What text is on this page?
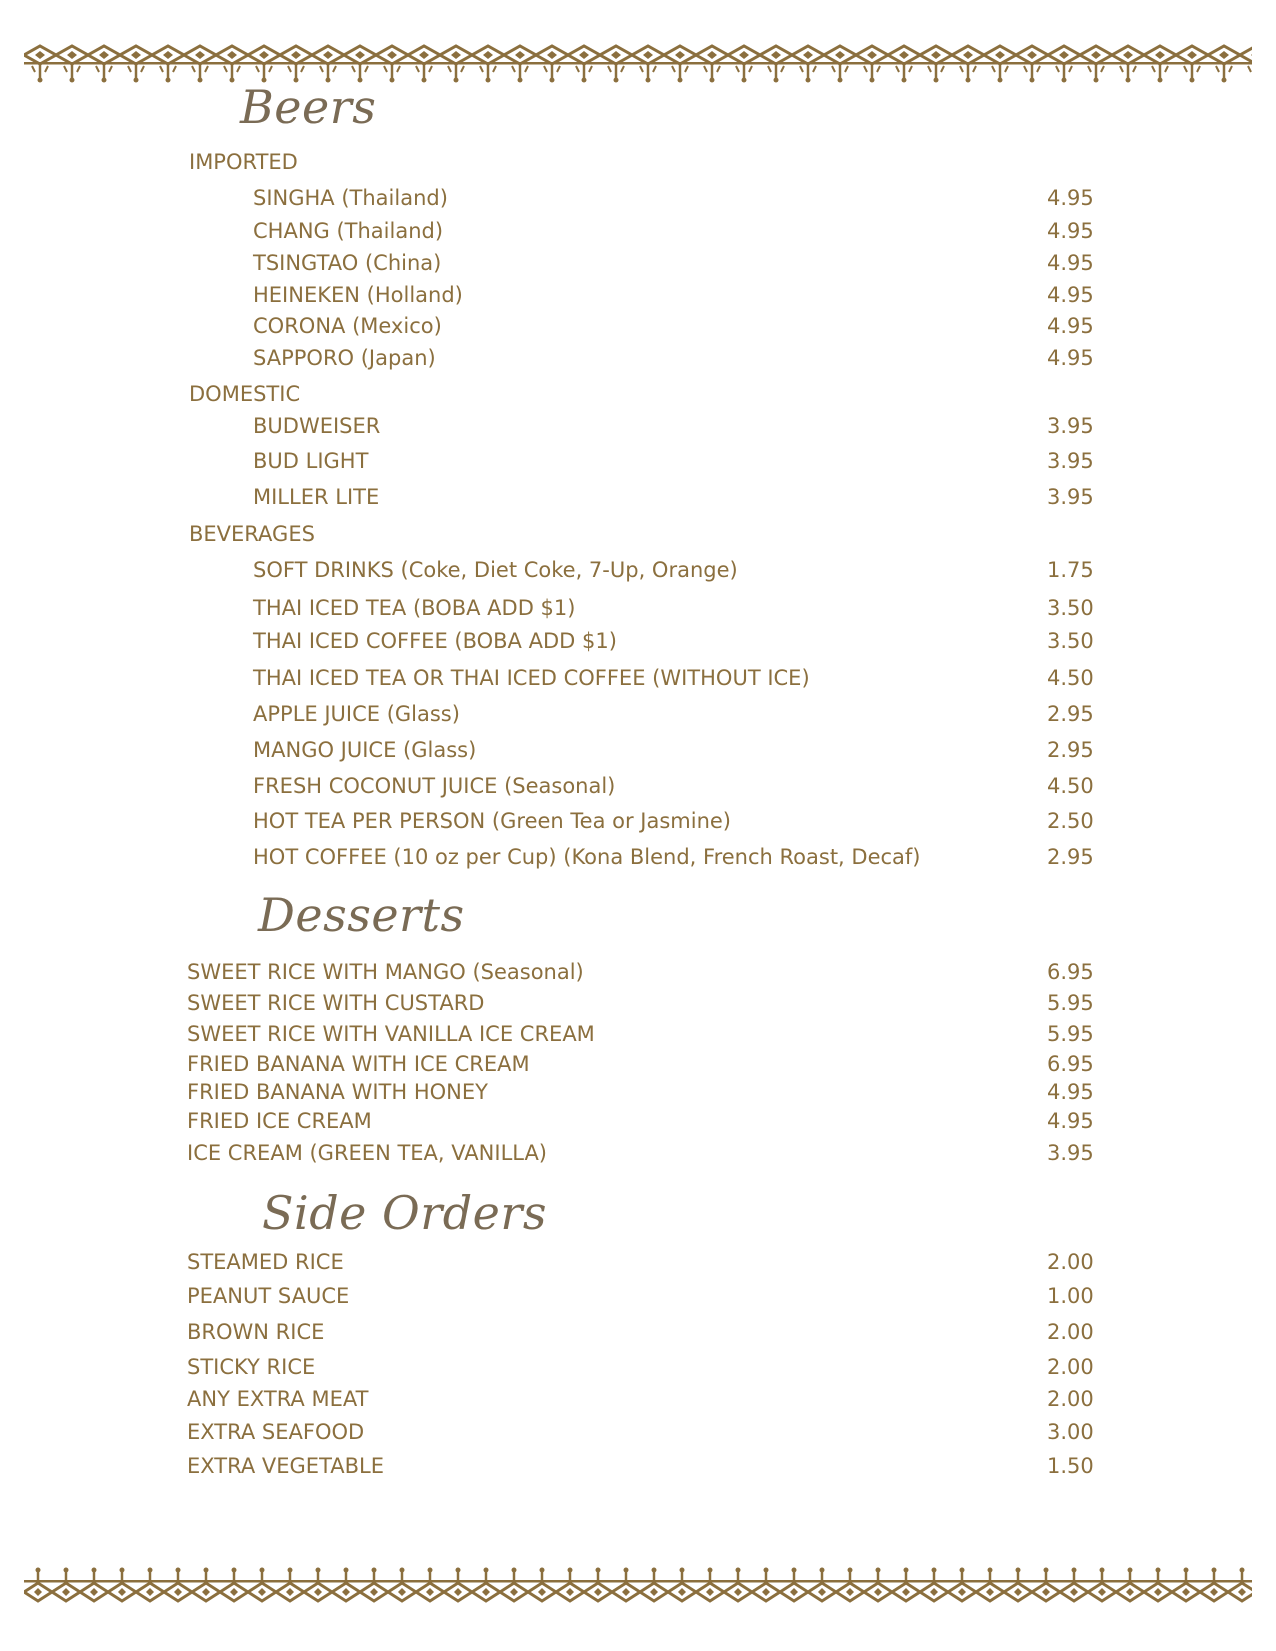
Beers
IMPORTED
SINGHA (Thailand)	4.95
CHANG (Thailand)	4.95
TSINGTAO (China)	4.95
HEINEKEN (Holland)	4.95
CORONA (Mexico)	4.95
SAPPORO (Japan)	4.95
DOMESTIC
BUDWEISER	3.95
BUD LIGHT	3.95
MILLER LITE	3.95
BEVERAGES
SOFT DRINKS (Coke, Diet Coke, 7-Up, Orange)	1.75
THAI ICED TEA (BOBA ADD $1)	3.50
THAI ICED COFFEE (BOBA ADD $1)	3.50
THAI ICED TEA OR THAI ICED COFFEE (WITHOUT ICE)	4.50
APPLE JUICE (Glass)	2.95
MANGO JUICE (Glass)	2.95
FRESH COCONUT JUICE (Seasonal)	4.50
HOT TEA PER PERSON (Green Tea or Jasmine)	2.50
HOT COFFEE (10 oz per Cup) (Kona Blend, French Roast, Decaf)	2.95
Desserts
SWEET RICE WITH MANGO (Seasonal)	6.95
SWEET RICE WITH CUSTARD	5.95
SWEET RICE WITH VANILLA ICE CREAM	5.95
FRIED BANANA WITH ICE CREAM	6.95
FRIED BANANA WITH HONEY	4.95
FRIED ICE CREAM	4.95
ICE CREAM (GREEN TEA, VANILLA)	3.95
Side Orders
STEAMED RICE	2.00
PEANUT SAUCE	1.00
BROWN RICE	2.00
STICKY RICE	2.00
ANY EXTRA MEAT	2.00
EXTRA SEAFOOD	3.00
EXTRA VEGETABLE	1.50
